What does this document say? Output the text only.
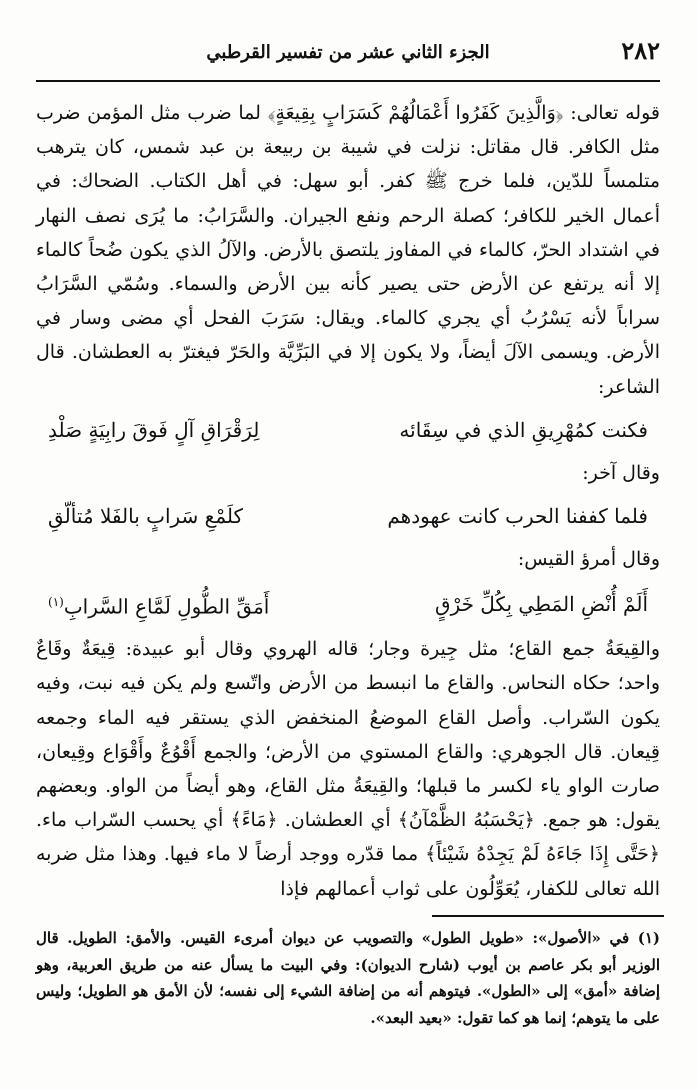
٢٨٢
الجزء الثاني عشر من تفسير القرطبي

قوله تعالى: ﴿وَالَّذِينَ كَفَرُوا أَعْمَالُهُمْ كَسَرَابٍ بِقِيعَةٍ﴾ لما ضرب مثل المؤمن ضرب مثل الكافر. قال مقاتل: نزلت في شيبة بن ربيعة بن عبد شمس، كان يترهب متلمساً للدّين، فلما خرج ﷺ كفر. أبو سهل: في أهل الكتاب. الضحاك: في أعمال الخير للكافر؛ كصلة الرحم ونفع الجيران. والسَّرَابُ: ما يُرَى نصف النهار في اشتداد الحرّ، كالماء في المفاوز يلتصق بالأرض. والآلُ الذي يكون ضُحاً كالماء إلا أنه يرتفع عن الأرض حتى يصير كأنه بين الأرض والسماء. وسُمّي السَّرَابُ سراباً لأنه يَسْرُبُ أي يجري كالماء. ويقال: سَرَبَ الفحل أي مضى وسار في الأرض. ويسمى الآلَ أيضاً، ولا يكون إلا في البَرِّيَّة والحَرّ فيغترّ به العطشان. قال الشاعر:

فكنت كمُهْرِيقِ الذي في سِقَائه
لِرَقْرَاقِ آلٍ فَوقَ رابِيَةٍ صَلْدِ

وقال آخر:

فلما كففنا الحرب كانت عهودهم
كلَمْعِ سَرابٍ بالفَلا مُتألّقِ

وقال أمرؤ القيس:

أَلَمْ أُنْضِ المَطِي بِكُلِّ خَرْقٍ
أَمَقِّ الطُّولِ لَمَّاعِ السَّرابِ$^{(١)}$

والقِيعَةُ جمع القاع؛ مثل جِيرة وجار؛ قاله الهروي وقال أبو عبيدة: قِيعَةٌ وقَاعٌ واحد؛ حكاه النحاس. والقاع ما انبسط من الأرض واتّسع ولم يكن فيه نبت، وفيه يكون السّراب. وأصل القاع الموضعُ المنخفض الذي يستقر فيه الماء وجمعه قِيعان. قال الجوهري: والقاع المستوي من الأرض؛ والجمع أَقْوُعٌ وأَقْوَاع وقِيعان، صارت الواو ياء لكسر ما قبلها؛ والقِيعَةُ مثل القاع، وهو أيضاً من الواو. وبعضهم يقول: هو جمع. ﴿يَحْسَبُهُ الظَّمْآنُ﴾ أي العطشان. ﴿مَاءً﴾ أي يحسب السّراب ماء. ﴿حَتَّى إِذَا جَاءَهُ لَمْ يَجِدْهُ شَيْئاً﴾ مما قدّره ووجد أرضاً لا ماء فيها. وهذا مثل ضربه الله تعالى للكفار، يُعَوِّلُون على ثواب أعمالهم فإذا

(١) في «الأصول»: «طويل الطول» والتصويب عن ديوان أمرىء القيس. والأمق: الطويل. قال الوزير أبو بكر عاصم بن أيوب (شارح الديوان): وفي البيت ما يسأل عنه من طريق العربية، وهو إضافة «أمق» إلى «الطول». فيتوهم أنه من إضافة الشيء إلى نفسه؛ لأن الأمق هو الطويل؛ وليس على ما يتوهم؛ إنما هو كما تقول: «بعيد البعد».
